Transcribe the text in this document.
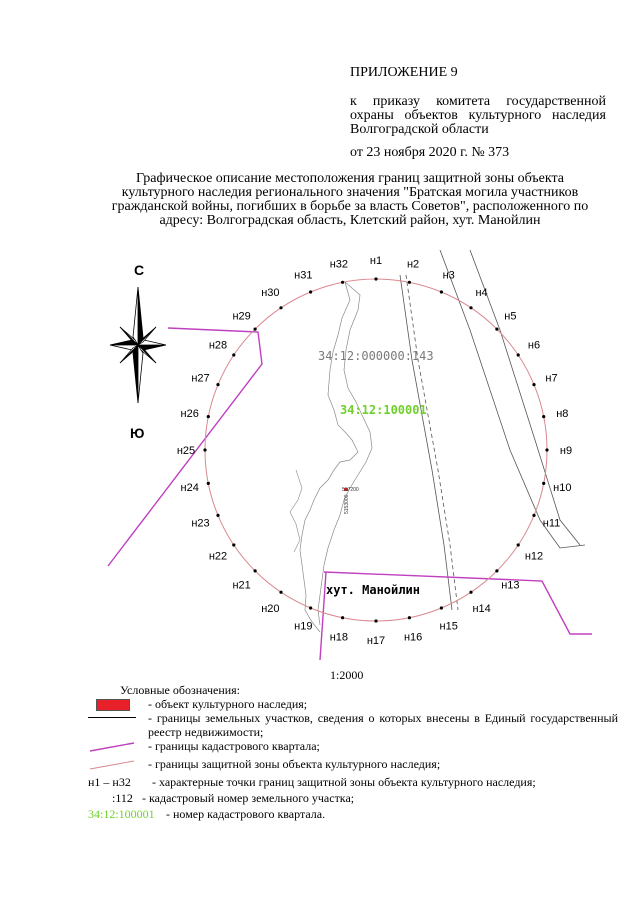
ПРИЛОЖЕНИЕ 9
к приказу комитета государственной охраны объектов культурного наследия Волгоградской области
от 23 ноября 2020 г. № 373
Графическое описание местоположения границ защитной зоны объекта культурного наследия регионального значения "Братская могила участников гражданской войны, погибших в борьбе за власть Советов", расположенного по адресу: Волгоградская область, Клетский район, хут. Манойлин
н1 н2
н3
н4
н5
н6
н7
н8
н9
н10
н11
н12
н13
н14
н15
н16
н17
н18
н19
н20
н21
н22
н23
н24
н25
н26
н27
н28
н29
н30
н31
н32
С
Ю
34:12:000000:143
34:12:100001
хут. Манойлин
517200
5153000
1:2000
Условные обозначения:
- объект культурного наследия;
- границы земельных участков, сведения о которых внесены в Единый государственный реестр недвижимости;
- границы кадастрового квартала;
- границы защитной зоны объекта культурного наследия;
н1 – н32 - характерные точки границ защитной зоны объекта культурного наследия;
:112 - кадастровый номер земельного участка;
34:12:100001 - номер кадастрового квартала.
